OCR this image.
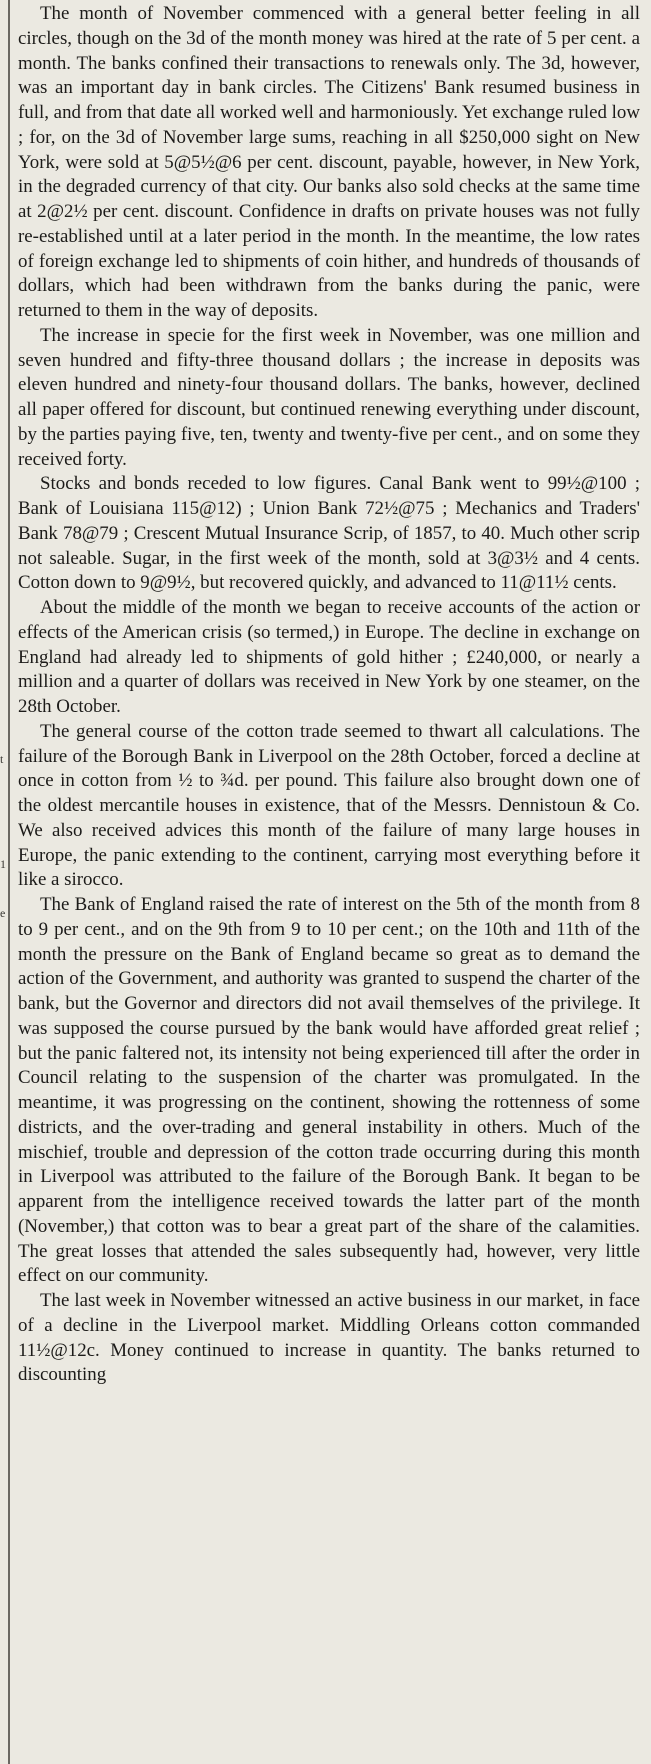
t
1
e

The month of November commenced with a general better feeling in all circles, though on the 3d of the month money was hired at the rate of 5 per cent. a month. The banks confined their transactions to renewals only. The 3d, however, was an important day in bank circles. The Citizens' Bank resumed business in full, and from that date all worked well and harmoniously. Yet exchange ruled low ; for, on the 3d of November large sums, reaching in all $250,000 sight on New York, were sold at 5@5½@6 per cent. discount, payable, however, in New York, in the degraded currency of that city. Our banks also sold checks at the same time at 2@2½ per cent. discount. Confidence in drafts on private houses was not fully re-established until at a later period in the month. In the meantime, the low rates of foreign exchange led to shipments of coin hither, and hundreds of thousands of dollars, which had been withdrawn from the banks during the panic, were returned to them in the way of deposits.

The increase in specie for the first week in November, was one million and seven hundred and fifty-three thousand dollars ; the increase in deposits was eleven hundred and ninety-four thousand dollars. The banks, however, declined all paper offered for discount, but continued renewing everything under discount, by the parties paying five, ten, twenty and twenty-five per cent., and on some they received forty.

Stocks and bonds receded to low figures. Canal Bank went to 99½@100 ; Bank of Louisiana 115@12) ; Union Bank 72½@75 ; Mechanics and Traders' Bank 78@79 ; Crescent Mutual Insurance Scrip, of 1857, to 40. Much other scrip not saleable. Sugar, in the first week of the month, sold at 3@3½ and 4 cents. Cotton down to 9@9½, but recovered quickly, and advanced to 11@11½ cents.

About the middle of the month we began to receive accounts of the action or effects of the American crisis (so termed,) in Europe. The decline in exchange on England had already led to shipments of gold hither ; £240,000, or nearly a million and a quarter of dollars was received in New York by one steamer, on the 28th October.

The general course of the cotton trade seemed to thwart all calculations. The failure of the Borough Bank in Liverpool on the 28th October, forced a decline at once in cotton from ½ to ¾d. per pound. This failure also brought down one of the oldest mercantile houses in existence, that of the Messrs. Dennistoun & Co. We also received advices this month of the failure of many large houses in Europe, the panic extending to the continent, carrying most everything before it like a sirocco.

The Bank of England raised the rate of interest on the 5th of the month from 8 to 9 per cent., and on the 9th from 9 to 10 per cent.; on the 10th and 11th of the month the pressure on the Bank of England became so great as to demand the action of the Government, and authority was granted to suspend the charter of the bank, but the Governor and directors did not avail themselves of the privilege. It was supposed the course pursued by the bank would have afforded great relief ; but the panic faltered not, its intensity not being experienced till after the order in Council relating to the suspension of the charter was promulgated. In the meantime, it was progressing on the continent, showing the rottenness of some districts, and the over-trading and general instability in others. Much of the mischief, trouble and depression of the cotton trade occurring during this month in Liverpool was attributed to the failure of the Borough Bank. It began to be apparent from the intelligence received towards the latter part of the month (November,) that cotton was to bear a great part of the share of the calamities. The great losses that attended the sales subsequently had, however, very little effect on our community.

The last week in November witnessed an active business in our market, in face of a decline in the Liverpool market. Middling Orleans cotton commanded 11½@12c. Money continued to increase in quantity. The banks returned to discounting
